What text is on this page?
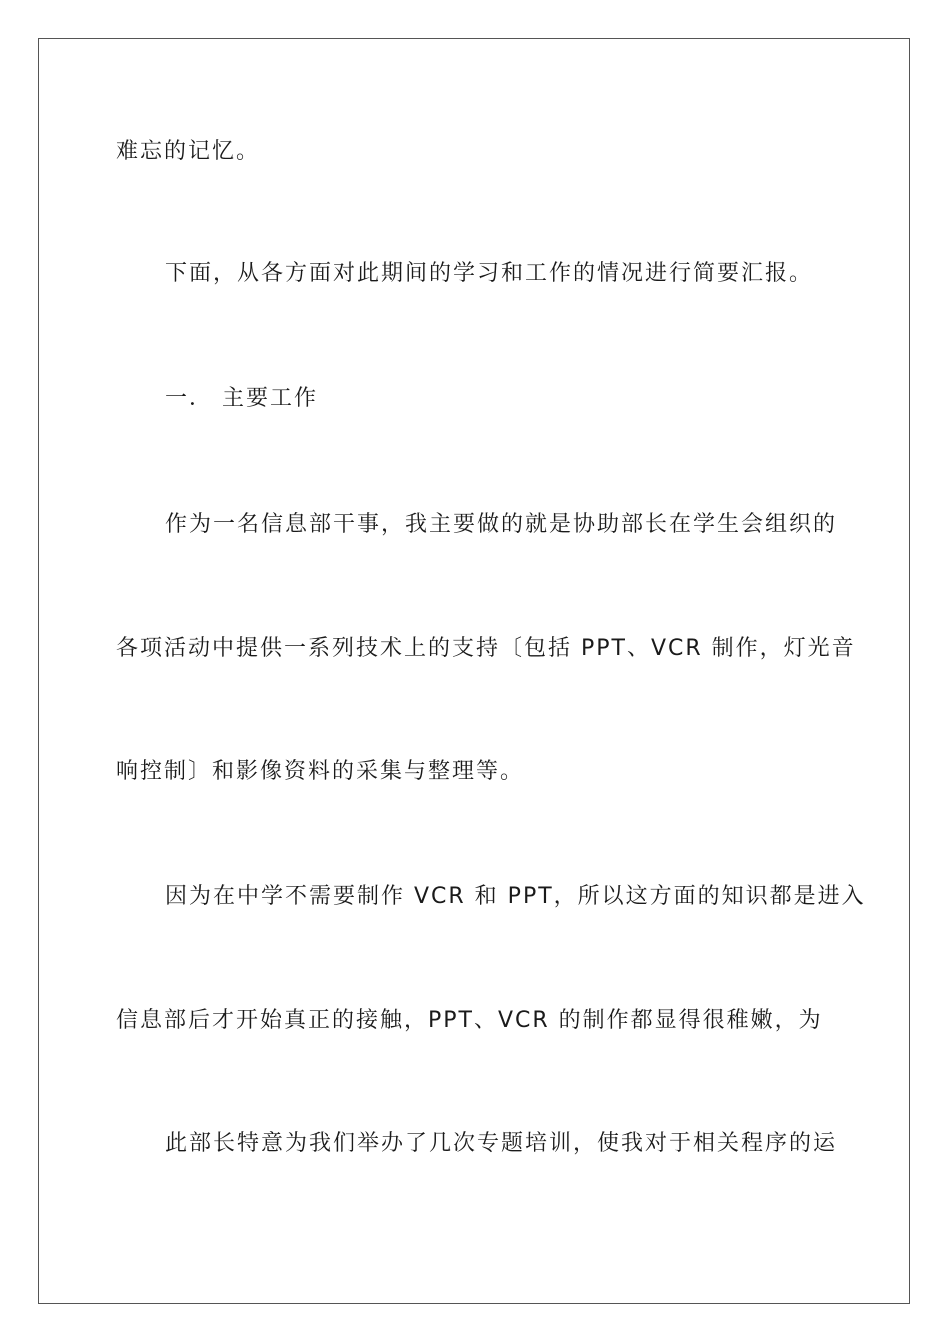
难忘的记忆。

下面，从各方面对此期间的学习和工作的情况进行简要汇报。

一． 主要工作

作为一名信息部干事，我主要做的就是协助部长在学生会组织的

各项活动中提供一系列技术上的支持〔包括 PPT、VCR 制作，灯光音

响控制〕和影像资料的采集与整理等。

因为在中学不需要制作 VCR 和 PPT，所以这方面的知识都是进入

信息部后才开始真正的接触，PPT、VCR 的制作都显得很稚嫩，为

此部长特意为我们举办了几次专题培训，使我对于相关程序的运
